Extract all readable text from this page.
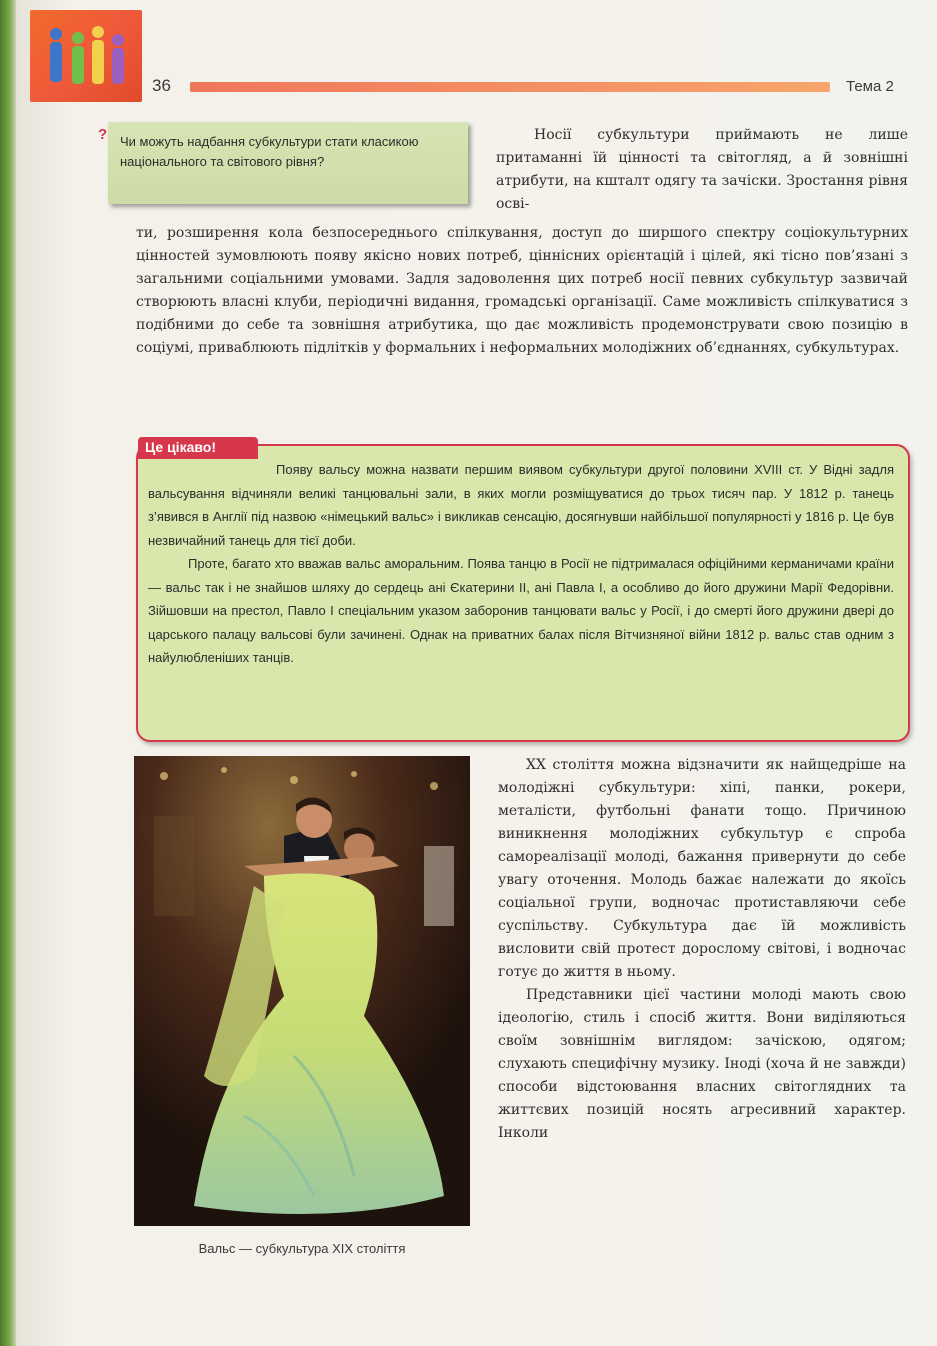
36	Тема 2
? Чи можуть надбання субкультури стати класикою національного та світового рівня?
Носії субкультури приймають не лише притаманні їй цінності та світогляд, а й зовнішні атрибути, на кшталт одягу та зачіски. Зростання рівня осві-
ти, розширення кола безпосереднього спілкування, доступ до ширшого спектру соціокультурних цінностей зумовлюють появу якісно нових потреб, ціннісних орієнтацій і цілей, які тісно пов’язані з загальними соціальними умовами. Задля задоволення цих потреб носії певних субкультур зазвичай створюють власні клуби, періодичні видання, громадські організації. Саме можливість спілкуватися з подібними до себе та зовнішня атрибутика, що дає можливість продемонструвати свою позицію в соціумі, приваблюють підлітків у формальних і неформальних молодіжних об’єднаннях, субкультурах.
Це цікаво!

Появу вальсу можна назвати першим виявом субкультури другої половини XVIII ст. У Відні задля вальсування відчиняли великі танцювальні зали, в яких могли розміщуватися до трьох тисяч пар. У 1812 р. танець з’явився в Англії під назвою «німецький вальс» і викликав сенсацію, досягнувши найбільшої популярності у 1816 р. Це був незвичайний танець для тієї доби.

Проте, багато хто вважав вальс аморальним. Поява танцю в Росії не підтрималася офіційними керманичами країни — вальс так і не знайшов шляху до сердець ані Єкатерини II, ані Павла I, а особливо до його дружини Марії Федорівни. Зійшовши на престол, Павло I спеціальним указом заборонив танцювати вальс у Росії, і до смерті його дружини двері до царського палацу вальсові були зачинені. Однак на приватних балах після Вітчизняної війни 1812 р. вальс став одним з найулюбленіших танців.

Вальс — субкультура XIX століття

XX століття можна відзначити як найщедріше на молодіжні субкультури: хіпі, панки, рокери, металісти, футбольні фанати тощо. Причиною виникнення молодіжних субкультур є спроба самореалізації молоді, бажання привернути до себе увагу оточення. Молодь бажає належати до якоїсь соціальної групи, водночас протиставляючи себе суспільству. Субкультура дає їй можливість висловити свій протест дорослому світові, і водночас готує до життя в ньому.

Представники цієї частини молоді мають свою ідеологію, стиль і спосіб життя. Вони виділяються своїм зовнішнім виглядом: зачіскою, одягом; слухають специфічну музику. Іноді (хоча й не завжди) способи відстоювання власних світоглядних та життєвих позицій носять агресивний характер. Інколи
